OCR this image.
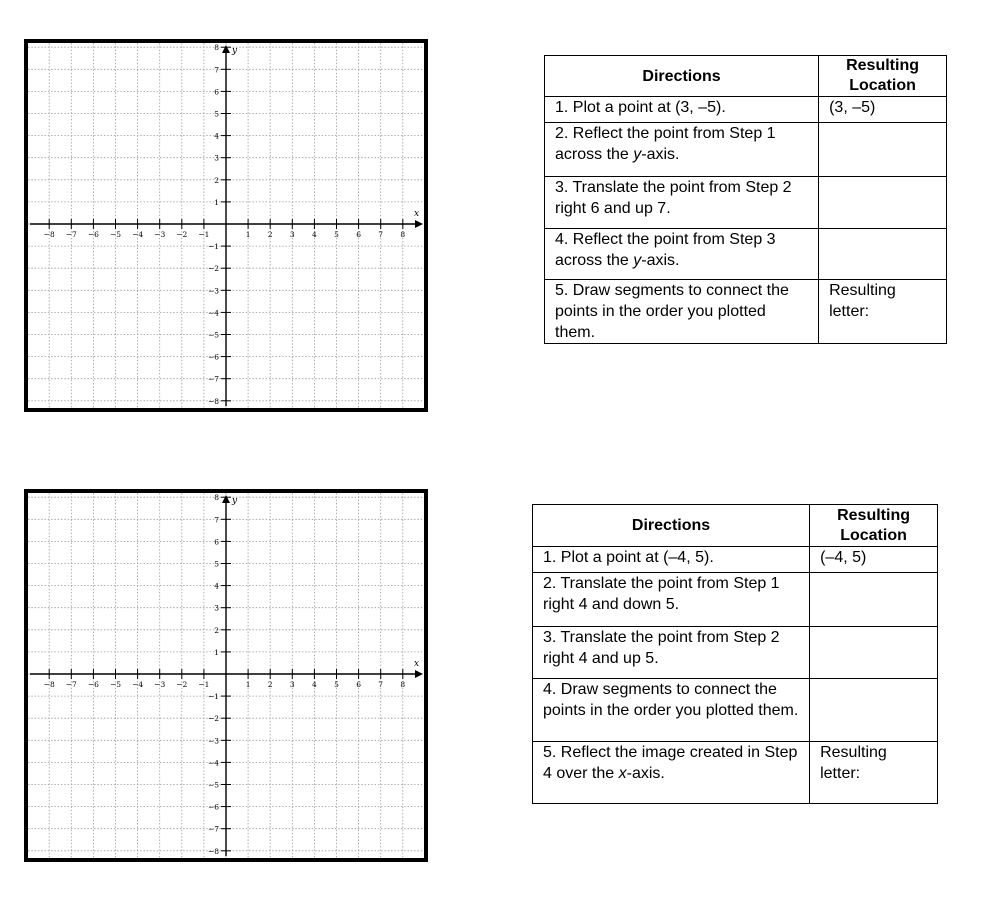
x
y
−8 −7 −6 −5 −4 −3 −2 −1	1 2 3 4 5 6 7 8
8
7
6
5
4
3
2
1
−1
−2
−3
−4
−5
−6
−7
−8
Directions	Resulting Location
1. Plot a point at (3, –5).	(3, –5)
2. Reflect the point from Step 1 across the y-axis.	
3. Translate the point from Step 2 right 6 and up 7.	
4. Reflect the point from Step 3 across the y-axis.	
5. Draw segments to connect the points in the order you plotted them.	Resulting letter:
x
y
−8 −7 −6 −5 −4 −3 −2 −1	1 2 3 4 5 6 7 8
8
7
6
5
4
3
2
1
−1
−2
−3
−4
−5
−6
−7
−8
Directions	Resulting Location
1. Plot a point at (–4, 5).	(–4, 5)
2. Translate the point from Step 1 right 4 and down 5.	
3. Translate the point from Step 2 right 4 and up 5.	
4. Draw segments to connect the points in the order you plotted them.	
5. Reflect the image created in Step 4 over the x-axis.	Resulting letter:
